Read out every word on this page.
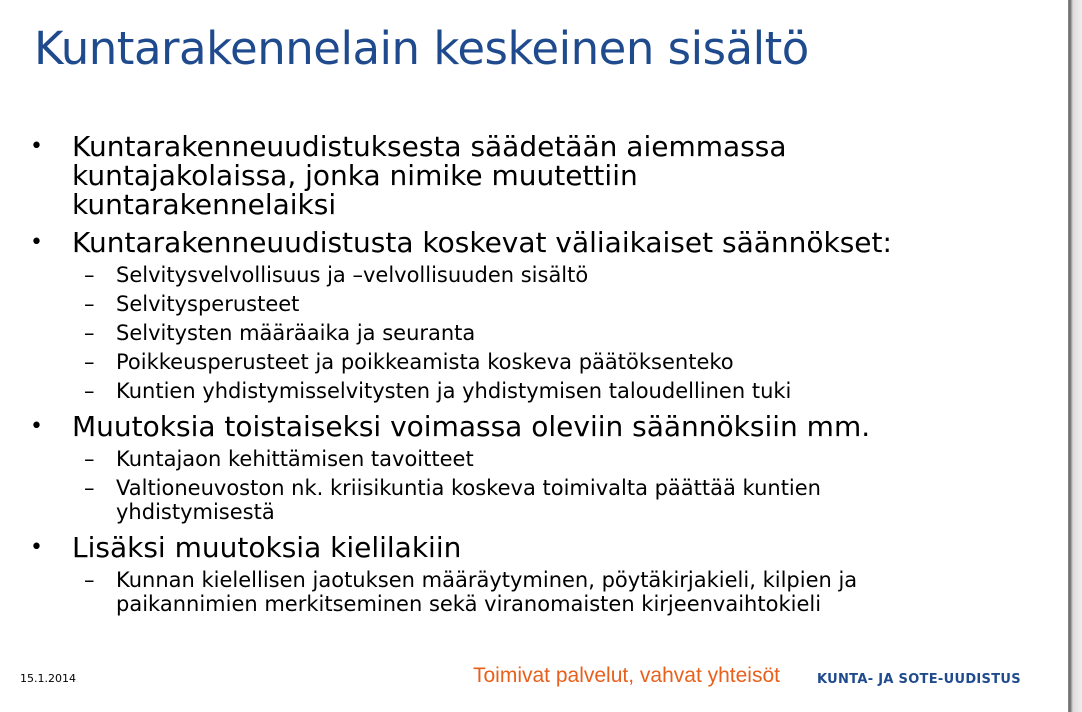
Kuntarakennelain keskeinen sisältö
• Kuntarakenneuudistuksesta säädetään aiemmassa kuntajakolaissa, jonka nimike muutettiin kuntarakennelaiksi
• Kuntarakenneuudistusta koskevat väliaikaiset säännökset:
– Selvitysvelvollisuus ja –velvollisuuden sisältö
– Selvitysperusteet
– Selvitysten määräaika ja seuranta
– Poikkeusperusteet ja poikkeamista koskeva päätöksenteko
– Kuntien yhdistymisselvitysten ja yhdistymisen taloudellinen tuki
• Muutoksia toistaiseksi voimassa oleviin säännöksiin mm.
– Kuntajaon kehittämisen tavoitteet
– Valtioneuvoston nk. kriisikuntia koskeva toimivalta päättää kuntien yhdistymisestä
• Lisäksi muutoksia kielilakiin
– Kunnan kielellisen jaotuksen määräytyminen, pöytäkirjakieli, kilpien ja paikannimien merkitseminen sekä viranomaisten kirjeenvaihtokieli
15.1.2014	Toimivat palvelut, vahvat yhteisöt	KUNTA- JA SOTE-UUDISTUS
